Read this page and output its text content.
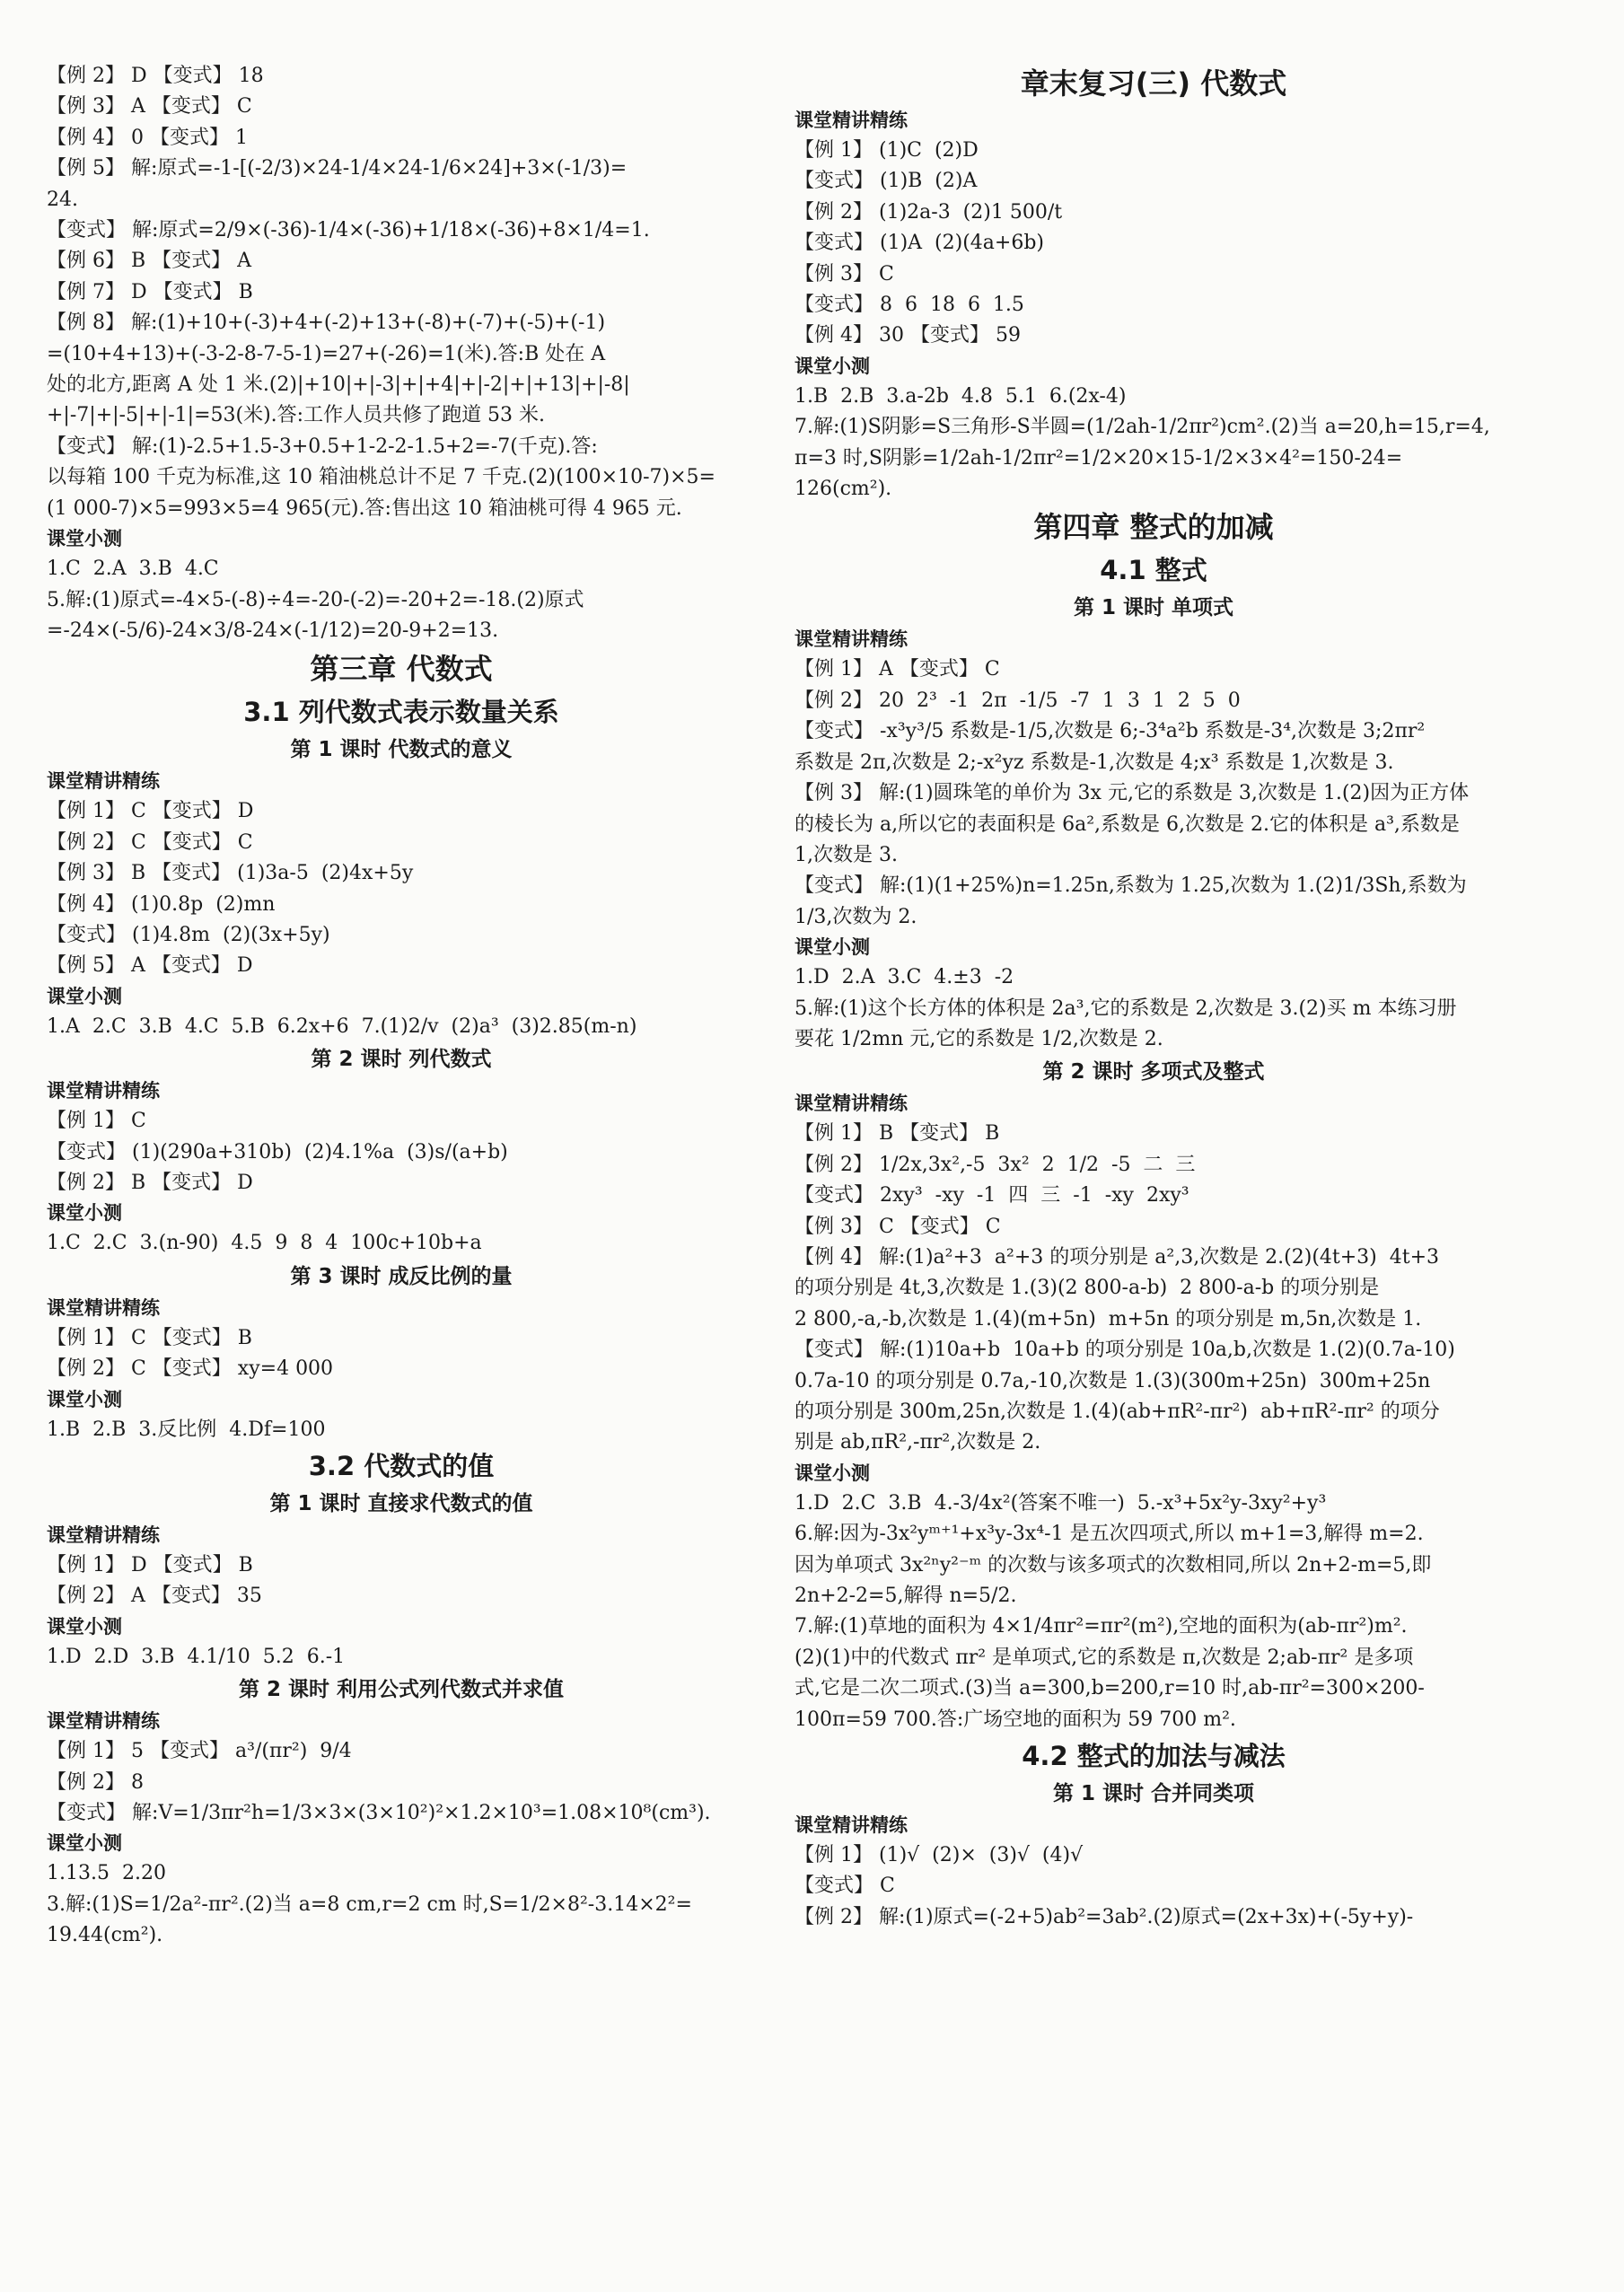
【例 2】 D 【变式】 18
【例 3】 A 【变式】 C
【例 4】 0 【变式】 1
【例 5】 解:原式=-1-[(-2/3)×24-1/4×24-1/6×24]+3×(-1/3)=
24.
【变式】 解:原式=2/9×(-36)-1/4×(-36)+1/18×(-36)+8×1/4=1.
【例 6】 B 【变式】 A
【例 7】 D 【变式】 B
【例 8】 解:(1)+10+(-3)+4+(-2)+13+(-8)+(-7)+(-5)+(-1)
=(10+4+13)+(-3-2-8-7-5-1)=27+(-26)=1(米).答:B 处在 A
处的北方,距离 A 处 1 米.(2)|+10|+|-3|+|+4|+|-2|+|+13|+|-8|
+|-7|+|-5|+|-1|=53(米).答:工作人员共修了跑道 53 米.
【变式】 解:(1)-2.5+1.5-3+0.5+1-2-2-1.5+2=-7(千克).答:
以每箱 100 千克为标准,这 10 箱油桃总计不足 7 千克.(2)(100×10-7)×5=
(1 000-7)×5=993×5=4 965(元).答:售出这 10 箱油桃可得 4 965 元.
课堂小测
1.C  2.A  3.B  4.C
5.解:(1)原式=-4×5-(-8)÷4=-20-(-2)=-20+2=-18.(2)原式
=-24×(-5/6)-24×3/8-24×(-1/12)=20-9+2=13.
第三章 代数式
3.1 列代数式表示数量关系
第 1 课时 代数式的意义
课堂精讲精练
【例 1】 C 【变式】 D
【例 2】 C 【变式】 C
【例 3】 B 【变式】 (1)3a-5  (2)4x+5y
【例 4】 (1)0.8p  (2)mn
【变式】 (1)4.8m  (2)(3x+5y)
【例 5】 A 【变式】 D
课堂小测
1.A  2.C  3.B  4.C  5.B  6.2x+6  7.(1)2/v  (2)a³  (3)2.85(m-n)
第 2 课时 列代数式
课堂精讲精练
【例 1】 C
【变式】 (1)(290a+310b)  (2)4.1%a  (3)s/(a+b)
【例 2】 B 【变式】 D
课堂小测
1.C  2.C  3.(n-90)  4.5  9  8  4  100c+10b+a
第 3 课时 成反比例的量
课堂精讲精练
【例 1】 C 【变式】 B
【例 2】 C 【变式】 xy=4 000
课堂小测
1.B  2.B  3.反比例  4.Df=100
3.2 代数式的值
第 1 课时 直接求代数式的值
课堂精讲精练
【例 1】 D 【变式】 B
【例 2】 A 【变式】 35
课堂小测
1.D  2.D  3.B  4.1/10  5.2  6.-1
第 2 课时 利用公式列代数式并求值
课堂精讲精练
【例 1】 5 【变式】 a³/(πr²)  9/4
【例 2】 8
【变式】 解:V=1/3πr²h=1/3×3×(3×10²)²×1.2×10³=1.08×10⁸(cm³).
课堂小测
1.13.5  2.20
3.解:(1)S=1/2a²-πr².(2)当 a=8 cm,r=2 cm 时,S=1/2×8²-3.14×2²=
19.44(cm²).
章末复习(三) 代数式
课堂精讲精练
【例 1】 (1)C  (2)D
【变式】 (1)B  (2)A
【例 2】 (1)2a-3  (2)1 500/t
【变式】 (1)A  (2)(4a+6b)
【例 3】 C
【变式】 8  6  18  6  1.5
【例 4】 30 【变式】 59
课堂小测
1.B  2.B  3.a-2b  4.8  5.1  6.(2x-4)
7.解:(1)S阴影=S三角形-S半圆=(1/2ah-1/2πr²)cm².(2)当 a=20,h=15,r=4,
π=3 时,S阴影=1/2ah-1/2πr²=1/2×20×15-1/2×3×4²=150-24=
126(cm²).
第四章 整式的加减
4.1 整式
第 1 课时 单项式
课堂精讲精练
【例 1】 A 【变式】 C
【例 2】 20  2³  -1  2π  -1/5  -7  1  3  1  2  5  0
【变式】 -x³y³/5 系数是-1/5,次数是 6;-3⁴a²b 系数是-3⁴,次数是 3;2πr²
系数是 2π,次数是 2;-x²yz 系数是-1,次数是 4;x³ 系数是 1,次数是 3.
【例 3】 解:(1)圆珠笔的单价为 3x 元,它的系数是 3,次数是 1.(2)因为正方体
的棱长为 a,所以它的表面积是 6a²,系数是 6,次数是 2.它的体积是 a³,系数是
1,次数是 3.
【变式】 解:(1)(1+25%)n=1.25n,系数为 1.25,次数为 1.(2)1/3Sh,系数为
1/3,次数为 2.
课堂小测
1.D  2.A  3.C  4.±3  -2
5.解:(1)这个长方体的体积是 2a³,它的系数是 2,次数是 3.(2)买 m 本练习册
要花 1/2mn 元,它的系数是 1/2,次数是 2.
第 2 课时 多项式及整式
课堂精讲精练
【例 1】 B 【变式】 B
【例 2】 1/2x,3x²,-5  3x²  2  1/2  -5  二  三
【变式】 2xy³  -xy  -1  四  三  -1  -xy  2xy³
【例 3】 C 【变式】 C
【例 4】 解:(1)a²+3  a²+3 的项分别是 a²,3,次数是 2.(2)(4t+3)  4t+3
的项分别是 4t,3,次数是 1.(3)(2 800-a-b)  2 800-a-b 的项分别是
2 800,-a,-b,次数是 1.(4)(m+5n)  m+5n 的项分别是 m,5n,次数是 1.
【变式】 解:(1)10a+b  10a+b 的项分别是 10a,b,次数是 1.(2)(0.7a-10)
0.7a-10 的项分别是 0.7a,-10,次数是 1.(3)(300m+25n)  300m+25n
的项分别是 300m,25n,次数是 1.(4)(ab+πR²-πr²)  ab+πR²-πr² 的项分
别是 ab,πR²,-πr²,次数是 2.
课堂小测
1.D  2.C  3.B  4.-3/4x²(答案不唯一)  5.-x³+5x²y-3xy²+y³
6.解:因为-3x²yᵐ⁺¹+x³y-3x⁴-1 是五次四项式,所以 m+1=3,解得 m=2.
因为单项式 3x²ⁿy²⁻ᵐ 的次数与该多项式的次数相同,所以 2n+2-m=5,即
2n+2-2=5,解得 n=5/2.
7.解:(1)草地的面积为 4×1/4πr²=πr²(m²),空地的面积为(ab-πr²)m².
(2)(1)中的代数式 πr² 是单项式,它的系数是 π,次数是 2;ab-πr² 是多项
式,它是二次二项式.(3)当 a=300,b=200,r=10 时,ab-πr²=300×200-
100π=59 700.答:广场空地的面积为 59 700 m².
4.2 整式的加法与减法
第 1 课时 合并同类项
课堂精讲精练
【例 1】 (1)√  (2)×  (3)√  (4)√
【变式】 C
【例 2】 解:(1)原式=(-2+5)ab²=3ab².(2)原式=(2x+3x)+(-5y+y)-
